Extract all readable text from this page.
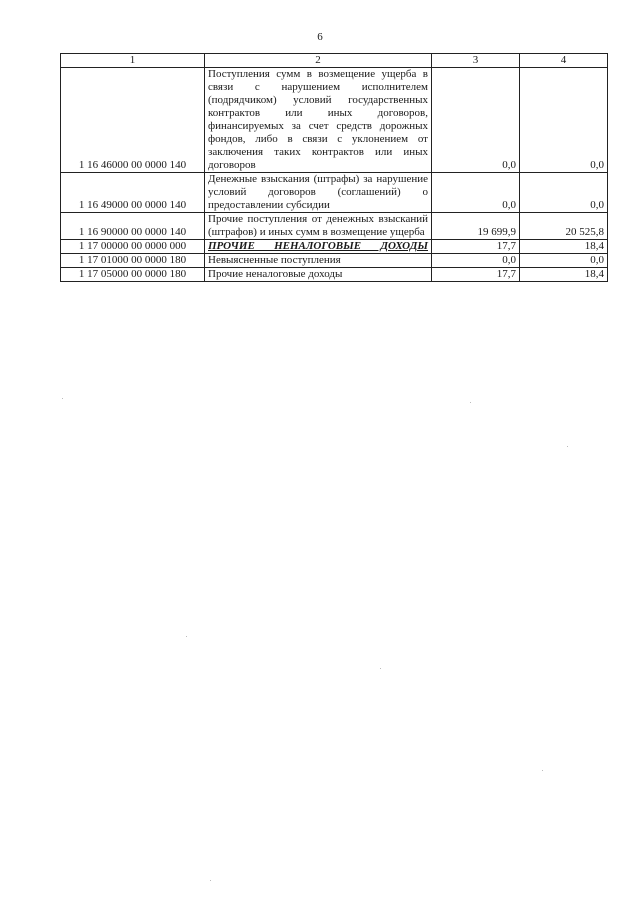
6
1	2	3	4
1 16 46000 00 0000 140	Поступления сумм в возмещение ущерба в связи с нарушением исполнителем (подрядчиком) условий государственных контрактов или иных договоров, финансируемых за счет средств дорожных фондов, либо в связи с уклонением от заключения таких контрактов или иных договоров	0,0	0,0
1 16 49000 00 0000 140	Денежные взыскания (штрафы) за нарушение условий договоров (соглашений) о предоставлении субсидии	0,0	0,0
1 16 90000 00 0000 140	Прочие поступления от денежных взысканий (штрафов) и иных сумм в возмещение ущерба	19 699,9	20 525,8
1 17 00000 00 0000 000	ПРОЧИЕ НЕНАЛОГОВЫЕ ДОХОДЫ	17,7	18,4
1 17 01000 00 0000 180	Невыясненные поступления	0,0	0,0
1 17 05000 00 0000 180	Прочие неналоговые доходы	17,7	18,4
